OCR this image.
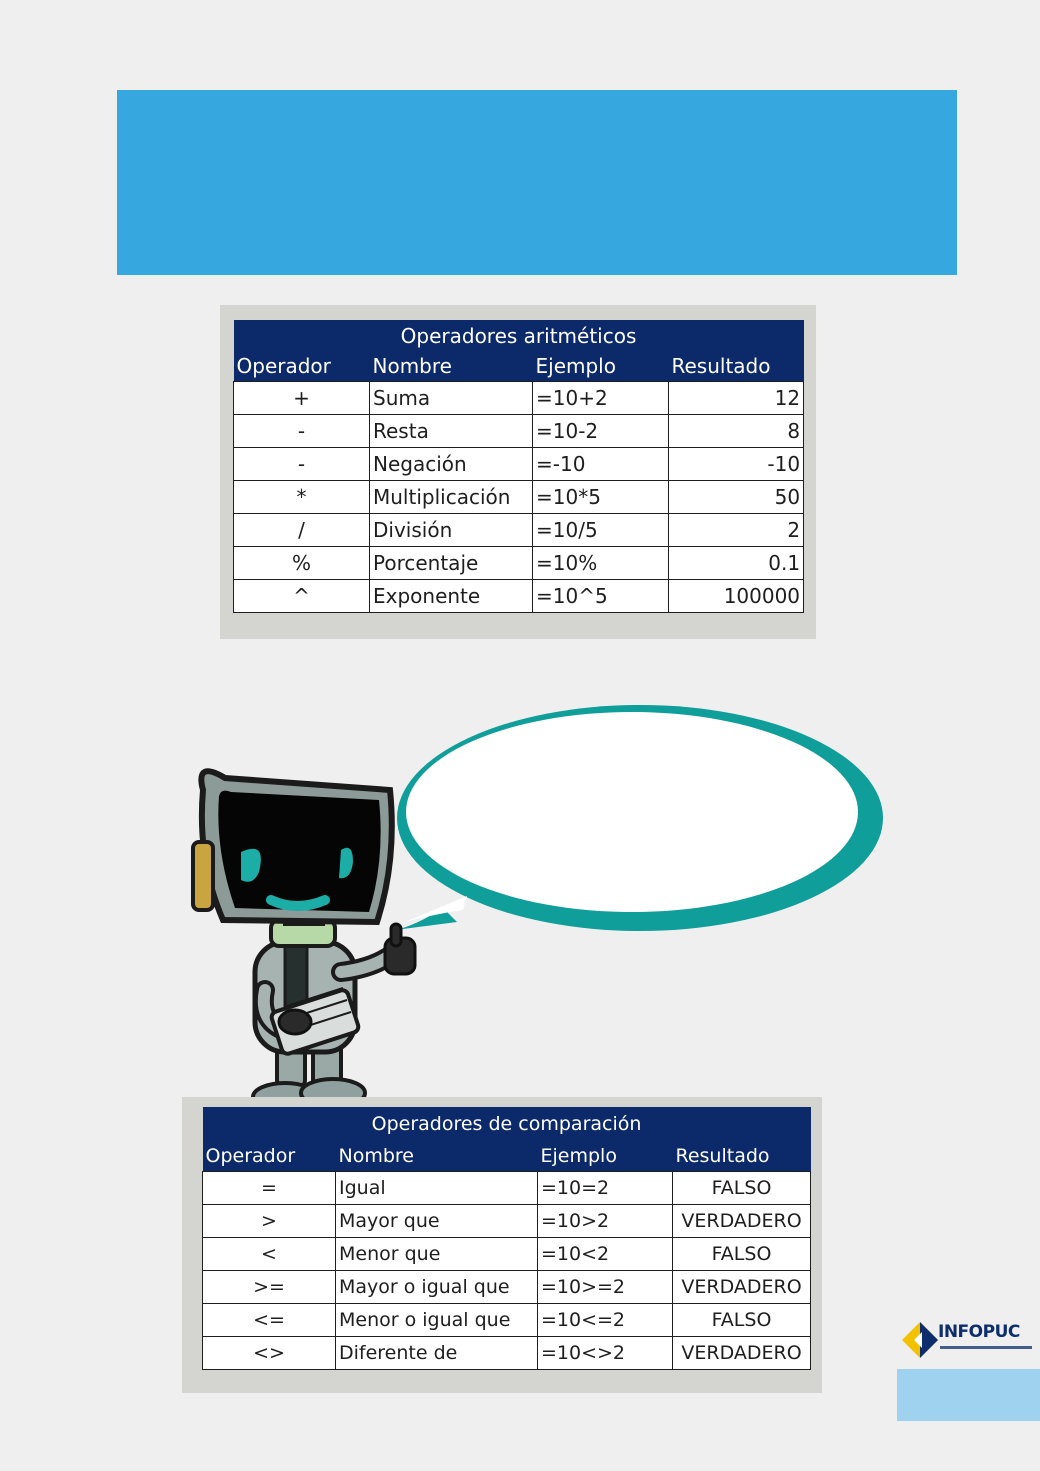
Operadores aritméticos			
Operador	Nombre	Ejemplo	Resultado
+	Suma	=10+2	12
-	Resta	=10-2	8
-	Negación	=-10	-10
*	Multiplicación	=10*5	50
/	División	=10/5	2
%	Porcentaje	=10%	0.1
^	Exponente	=10^5	100000
Operadores de comparación			
Operador	Nombre	Ejemplo	Resultado
=	Igual	=10=2	FALSO
>	Mayor que	=10>2	VERDADERO
<	Menor que	=10<2	FALSO
>=	Mayor o igual que	=10>=2	VERDADERO
<=	Menor o igual que	=10<=2	FALSO
<>	Diferente de	=10<>2	VERDADERO
INFOPUC
